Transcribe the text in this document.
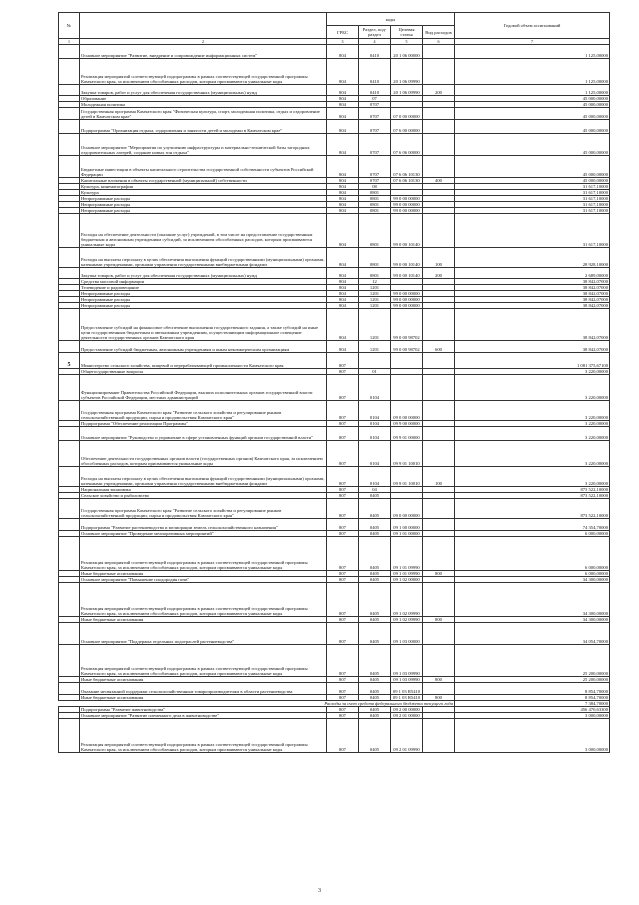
№		коды				Годовой объем ассигнований
		ГРБС	Раздел, под-раздел	Целевая статья	Вид расходов	
1	2	3	4	5	6	7
	Основное мероприятие "Развитие, внедрение и сопровождение информационных систем"	804	0410	20 1 06 00000		1 125,00000
	Реализация мероприятий соответствующей подпрограммы в рамках соответствующей государственной программы Камчатского края, за исключением обособленных расходов, которым присваиваются уникальные коды	804	0410	20 1 06 09990		1 125,00000
	Закупка товаров, работ и услуг для обеспечения государственных (муниципальных) нужд	804	0410	20 1 06 09990	200	1 125,00000
	Образование	804	07			45 000,00000
	Молодежная политика	804	0707			45 000,00000
	Государственная программа Камчатского края "Физическая культура, спорт, молодежная политика, отдых и оздоровление детей в Камчатском крае"	804	0707	07 0 00 00000		45 000,00000
	Подпрограмма "Организация отдыха, оздоровления и занятости детей и молодежи в Камчатском крае"	804	0707	07 6 00 00000		45 000,00000
	Основное мероприятие "Мероприятия по улучшению инфраструктуры и материально-технической базы загородных оздоровительных лагерей, создание новых зон отдыха"	804	0707	07 6 06 00000		45 000,00000
	Бюджетные инвестиции в объекты капитального строительства государственной собственности субъектов Российской Федерации	804	0707	07 6 06 10130		45 000,00000
	Капитальные вложения в объекты государственной (муниципальной) собственности	804	0707	07 6 06 10130	400	45 000,00000
	Культура, кинематография	804	08			31 617,10000
	Культура	804	0801			31 617,10000
	Непрограммные расходы	804	0801	99 0 00 00000		31 617,10000
	Непрограммные расходы	804	0801	99 0 00 00000		31 617,10000
	Непрограммные расходы	804	0801	99 0 00 00000		31 617,10000
	Расходы на обеспечение деятельности (оказание услуг) учреждений, в том числе на предоставление государственным бюджетным и автономным учреждениям субсидий, за исключением обособленных расходов, которым присваиваются уникальные коды	804	0801	99 0 00 10140		31 617,10000
	Расходы на выплаты персоналу в целях обеспечения выполнения функций государственными (муниципальными) органами, казенными учреждениями, органами управления государственными внебюджетными фондами	804	0801	99 0 00 10140	100	28 928,10000
	Закупка товаров, работ и услуг для обеспечения государственных (муниципальных) нужд	804	0801	99 0 00 10140	200	2 689,00000
	Средства массовой информации	804	12			38 842,07000
	Телевидение и радиовещание	804	1201			38 842,07000
	Непрограммные расходы	804	1201	99 0 00 00000		38 842,07000
	Непрограммные расходы	804	1201	99 0 00 00000		38 842,07000
	Непрограммные расходы	804	1201	99 0 00 00000		38 842,07000
	Предоставление субсидий на финансовое обеспечение выполнения государственного задания, а также субсидий на иные цели государственным бюджетным и автономным учреждениям, осуществляющим информационное освещение деятельности государственных органов Камчатского края	804	1201	99 0 00 98702		38 842,07000
	Предоставление субсидий бюджетным, автономным учреждениям и иным некоммерческим организациям	804	1201	99 0 00 98702	600	38 842,07000
5	Министерство сельского хозяйства, пищевой и перерабатывающей промышленности Камчатского края	807				1 081 375,67100
	Общегосударственные вопросы	807	01			3 220,00000
	Функционирование Правительства Российской Федерации, высших исполнительных органов государственной власти субъектов Российской Федерации, местных администраций	807	0104			3 220,00000
	Государственная программа Камчатского края "Развитие сельского хозяйства и регулирование рынков сельскохозяйственной продукции, сырья и продовольствия Камчатского края"	807	0104	09 0 00 00000		3 220,00000
	Подпрограмма "Обеспечение реализации Программы"	807	0104	09 9 00 00000		3 220,00000
	Основное мероприятие "Руководство и управление в сфере установленных функций органов государственной власти"	807	0104	09 9 01 00000		3 220,00000
	Обеспечение деятельности государственных органов власти (государственных органов) Камчатского края, за исключением обособленных расходов, которым присваиваются уникальные коды	807	0104	09 9 01 10010		3 220,00000
	Расходы на выплаты персоналу в целях обеспечения выполнения функций государственными (муниципальными) органами, казенными учреждениями, органами управления государственными внебюджетными фондами	807	0104	09 9 01 10010	100	3 220,00000
	Национальная экономика	807	04			873 522,10000
	Сельское хозяйство и рыболовство	807	0405			873 522,10000
	Государственная программа Камчатского края "Развитие сельского хозяйства и регулирование рынков сельскохозяйственной продукции, сырья и продовольствия Камчатского края"	807	0405	09 0 00 00000		873 522,10000
	Подпрограмма "Развитие растениеводства и мелиорации земель сельскохозяйственного назначения"	807	0405	09 1 00 00000		74 354,70000
	Основное мероприятие "Проведение мелиоративных мероприятий"	807	0405	09 1 01 00000		6 000,00000
	Реализация мероприятий соответствующей подпрограммы в рамках соответствующей государственной программы Камчатского края, за исключением обособленных расходов, которым присваиваются уникальные коды	807	0405	09 1 01 09990		6 000,00000
	Иные бюджетные ассигнования	807	0405	09 1 01 09990	800	6 000,00000
	Основное мероприятие "Повышение плодородия почв"	807	0405	09 1 02 00000		34 300,00000
	Реализация мероприятий соответствующей подпрограммы в рамках соответствующей государственной программы Камчатского края, за исключением обособленных расходов, которым присваиваются уникальные коды	807	0405	09 1 02 09990		34 300,00000
	Иные бюджетные ассигнования	807	0405	09 1 02 09990	800	34 300,00000
	Основное мероприятие "Поддержка отдельных подотраслей растениеводства"	807	0405	09 1 03 00000		34 054,70000
	Реализация мероприятий соответствующей подпрограммы в рамках соответствующей государственной программы Камчатского края, за исключением обособленных расходов, которым присваиваются уникальные коды	807	0405	09 1 03 09990		25 200,00000
	Иные бюджетные ассигнования	807	0405	09 1 03 09990	800	25 200,00000
	Оказание несвязанной поддержки сельскохозяйственным товаропроизводителям в области растениеводства	807	0405	09 1 03 R5410		8 854,70000
	Иные бюджетные ассигнования	807	0405	09 1 03 R5410	800	8 854,70000
Расходы за счет средств федерального бюджета текущего года						7 384,70000
	Подпрограмма "Развитие животноводства"	807	0405	09 2 00 00000		456 470,63300
	Основное мероприятие "Развитие племенного дела в животноводстве"	807	0405	09 2 01 00000		3 000,00000
	Реализация мероприятий соответствующей подпрограммы в рамках соответствующей государственной программы Камчатского края, за исключением обособленных расходов, которым присваиваются уникальные коды	807	0405	09 2 01 09990		3 000,00000
3
